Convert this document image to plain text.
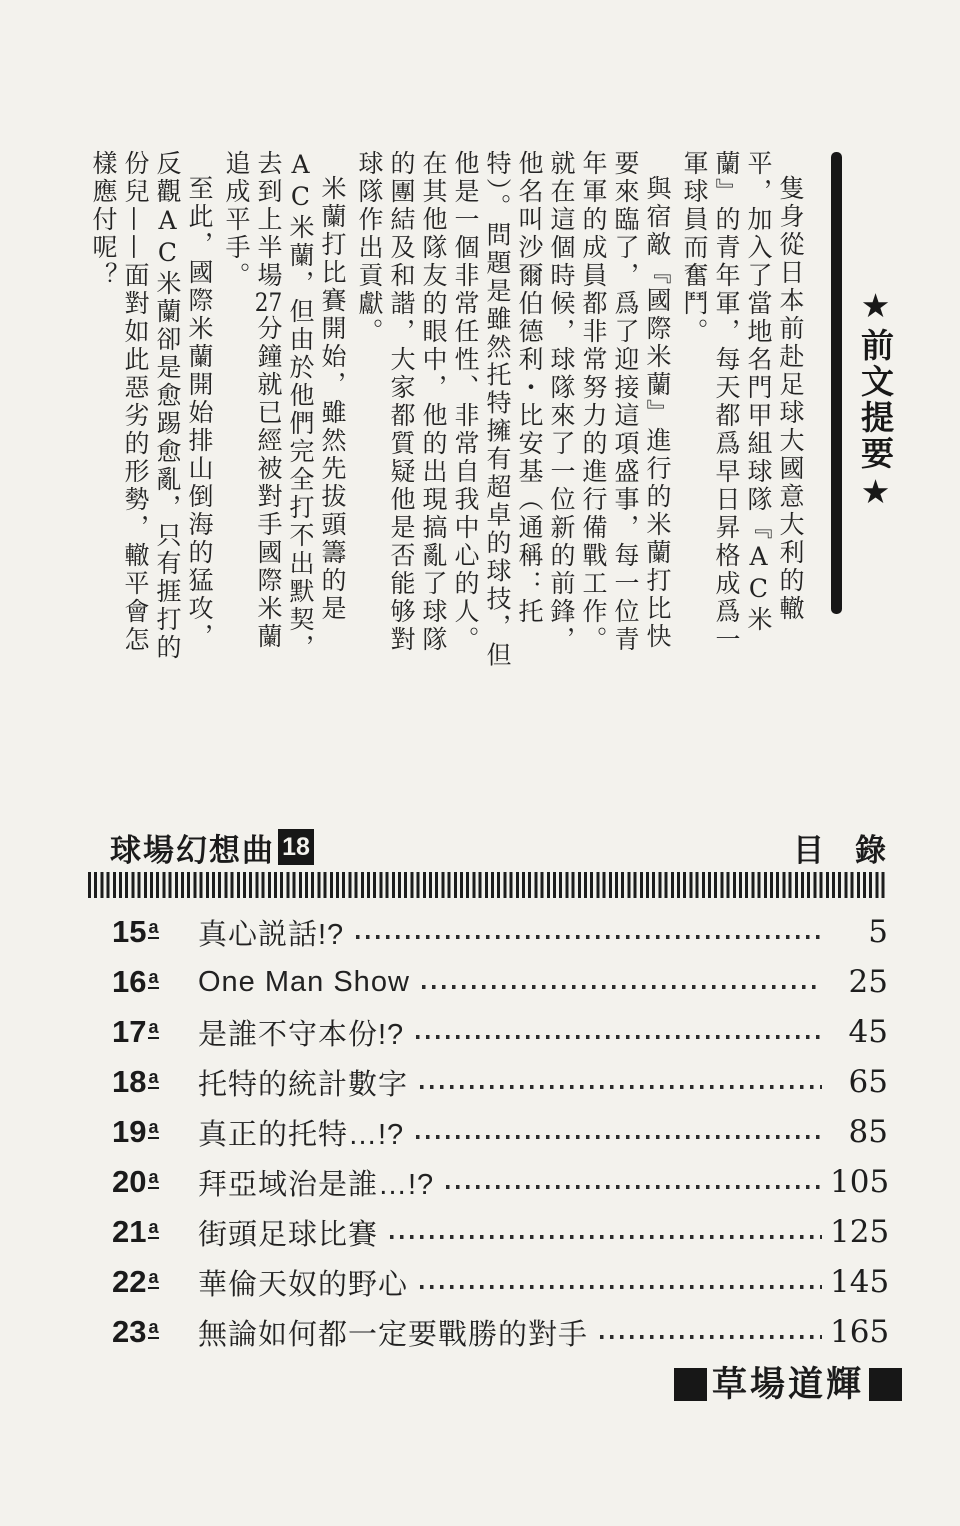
★前文提要★

隻身從日本前赴足球大國意大利的轍平，加入了當地名門甲組球隊『AC米蘭』的青年軍，每天都爲早日昇格成爲一軍球員而奮鬥。

與宿敵『國際米蘭』進行的米蘭打比快要來臨了，爲了迎接這項盛事，每一位青年軍的成員都非常努力的進行備戰工作。就在這個時候，球隊來了一位新的前鋒，他名叫沙爾伯德利・比安基（通稱：托特）。問題是雖然托特擁有超卓的球技，但他是一個非常任性、非常自我中心的人。在其他隊友的眼中，他的出現搞亂了球隊的團結及和諧，大家都質疑他是否能够對球隊作出貢獻。

米蘭打比賽開始，雖然先拔頭籌的是AC米蘭，但由於他們完全打不出默契，去到上半場27分鐘就已經被對手國際米蘭追成平手。

至此，國際米蘭開始排山倒海的猛攻，反觀AC米蘭卻是愈踢愈亂，只有捱打的份兒——面對如此惡劣的形勢，轍平會怎樣應付呢？

球場幻想曲 18	目　錄
15 a	真心説話!?	5
16 a	One Man Show	25
17 a	是誰不守本份!?	45
18 a	托特的統計數字	65
19 a	真正的托特…!?	85
20 a	拜亞域治是誰…!?	105
21 a	街頭足球比賽	125
22 a	華倫天奴的野心	145
23 a	無論如何都一定要戰勝的對手	165
草場道輝
